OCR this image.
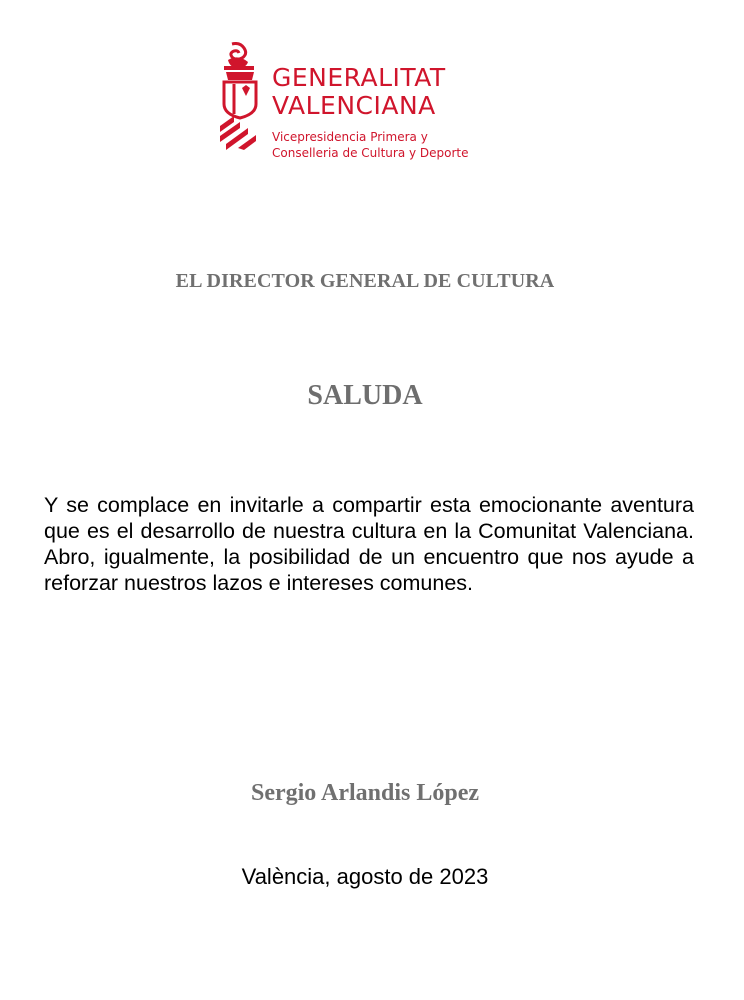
GENERALITAT
VALENCIANA
Vicepresidencia Primera y
Conselleria de Cultura y Deporte
EL DIRECTOR GENERAL DE CULTURA
SALUDA
Y se complace en invitarle a compartir esta emocionante aventura que es el desarrollo de nuestra cultura en la Comunitat Valenciana. Abro, igualmente, la posibilidad de un encuentro que nos ayude a reforzar nuestros lazos e intereses comunes.
Sergio Arlandis López
València, agosto de 2023
